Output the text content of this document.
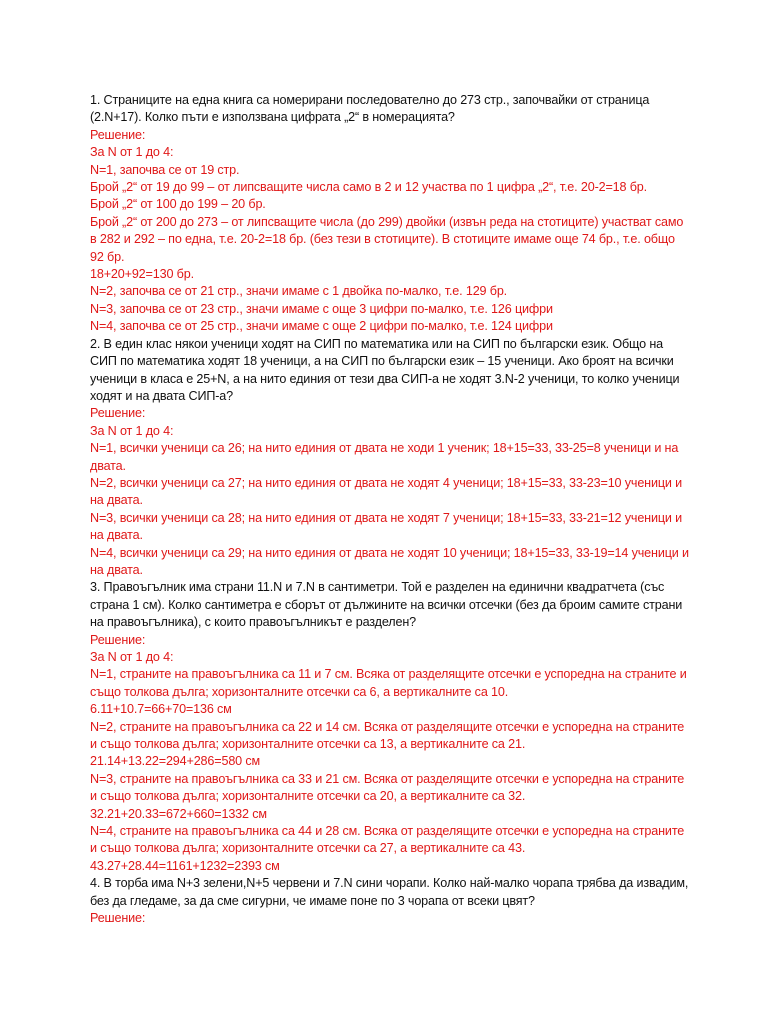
1. Страниците на една книга са номерирани последователно до 273 стр., започвайки от страница (2.N+17). Колко пъти е използвана цифрата „2“ в номерацията?

Решение:

За N от 1 до 4:

N=1, започва се от 19 стр.

Брой „2“ от 19 до 99 – от липсващите числа само в 2 и 12 участва по 1 цифра „2“, т.е. 20-2=18 бр.

Брой „2“ от 100 до 199 – 20 бр.

Брой „2“ от 200 до 273 – от липсващите числа (до 299) двойки (извън реда на стотиците) участват само в 282 и 292 – по една, т.е. 20-2=18 бр. (без тези в стотиците). В стотиците имаме още 74 бр., т.е. общо 92 бр.

18+20+92=130 бр.

N=2, започва се от 21 стр., значи имаме с 1 двойка по-малко, т.е. 129 бр.

N=3, започва се от 23 стр., значи имаме с още 3 цифри по-малко, т.е. 126 цифри

N=4, започва се от 25 стр., значи имаме с още 2 цифри по-малко, т.е. 124 цифри

2. В един клас някои ученици ходят на СИП по математика или на СИП по български език. Общо на СИП по математика ходят 18 ученици, а на СИП по български език – 15 ученици. Ако броят на всички ученици в класа е 25+N, а на нито единия от тези два СИП-а не ходят 3.N-2 ученици, то колко ученици ходят и на двата СИП-а?

Решение:

За N от 1 до 4:

N=1, всички ученици са 26; на нито единия от двата не ходи 1 ученик; 18+15=33, 33-25=8 ученици и на двата.

N=2, всички ученици са 27; на нито единия от двата не ходят 4 ученици; 18+15=33, 33-23=10 ученици и на двата.

N=3, всички ученици са 28; на нито единия от двата не ходят 7 ученици; 18+15=33, 33-21=12 ученици и на двата.

N=4, всички ученици са 29; на нито единия от двата не ходят 10 ученици; 18+15=33, 33-19=14 ученици и на двата.

3. Правоъгълник има страни 11.N и 7.N в сантиметри. Той е разделен на единични квадратчета (със страна 1 см). Колко сантиметра е сборът от дължините на всички отсечки (без да броим самите страни на правоъгълника), с които правоъгълникът е разделен?

Решение:

За N от 1 до 4:

N=1, страните на правоъгълника са 11 и 7 см. Всяка от разделящите отсечки е успоредна на страните и също толкова дълга; хоризонталните отсечки са 6, а вертикалните са 10.

6.11+10.7=66+70=136 см

N=2, страните на правоъгълника са 22 и 14 см. Всяка от разделящите отсечки е успоредна на страните и също толкова дълга; хоризонталните отсечки са 13, а вертикалните са 21.

21.14+13.22=294+286=580 см

N=3, страните на правоъгълника са 33 и 21 см. Всяка от разделящите отсечки е успоредна на страните и също толкова дълга; хоризонталните отсечки са 20, а вертикалните са 32.

32.21+20.33=672+660=1332 см

N=4, страните на правоъгълника са 44 и 28 см. Всяка от разделящите отсечки е успоредна на страните и също толкова дълга; хоризонталните отсечки са 27, а вертикалните са 43.

43.27+28.44=1161+1232=2393 см

4. В торба има N+3 зелени,N+5 червени и 7.N сини чорапи. Колко най-малко чорапа трябва да извадим, без да гледаме, за да сме сигурни, че имаме поне по 3 чорапа от всеки цвят?

Решение:
